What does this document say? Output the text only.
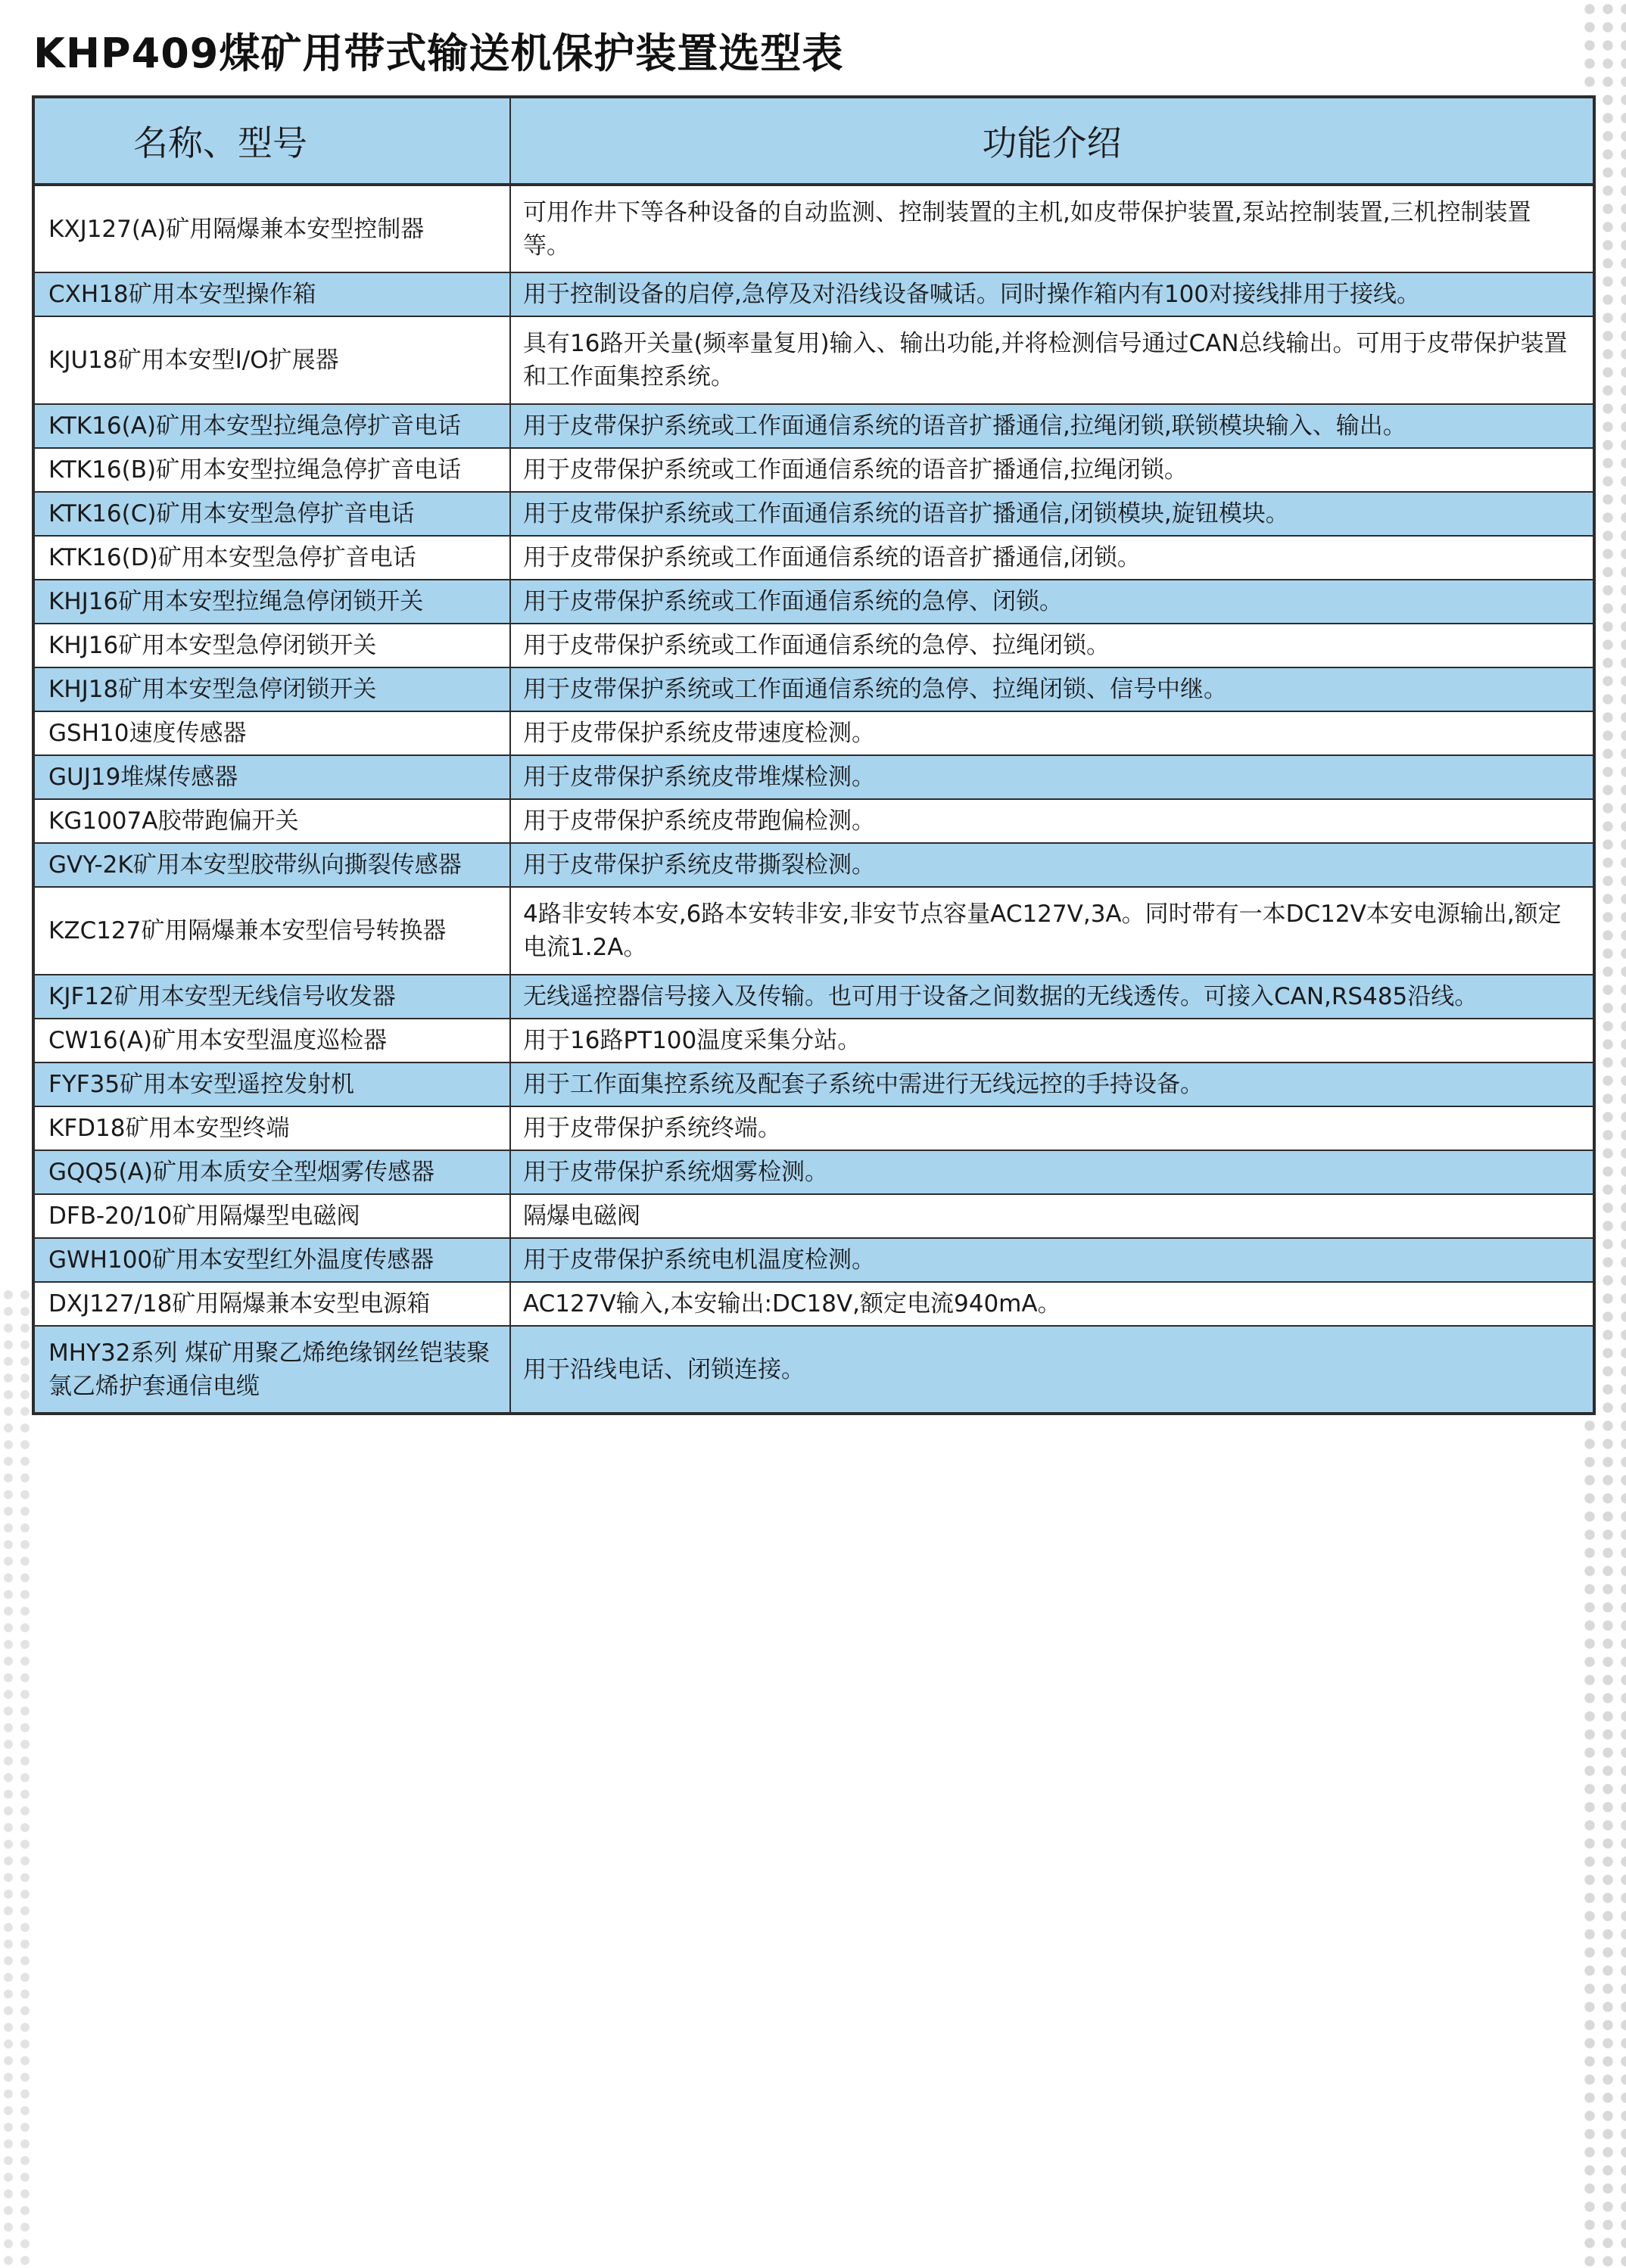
KHP409煤矿用带式输送机保护装置选型表
名称、型号	功能介绍
KXJ127(A)矿用隔爆兼本安型控制器	可用作井下等各种设备的自动监测、控制装置的主机,如皮带保护装置,泵站控制装置,三机控制装置等。
CXH18矿用本安型操作箱	用于控制设备的启停,急停及对沿线设备喊话。同时操作箱内有100对接线排用于接线。
KJU18矿用本安型I/O扩展器	具有16路开关量(频率量复用)输入、输出功能,并将检测信号通过CAN总线输出。可用于皮带保护装置和工作面集控系统。
KTK16(A)矿用本安型拉绳急停扩音电话	用于皮带保护系统或工作面通信系统的语音扩播通信,拉绳闭锁,联锁模块输入、输出。
KTK16(B)矿用本安型拉绳急停扩音电话	用于皮带保护系统或工作面通信系统的语音扩播通信,拉绳闭锁。
KTK16(C)矿用本安型急停扩音电话	用于皮带保护系统或工作面通信系统的语音扩播通信,闭锁模块,旋钮模块。
KTK16(D)矿用本安型急停扩音电话	用于皮带保护系统或工作面通信系统的语音扩播通信,闭锁。
KHJ16矿用本安型拉绳急停闭锁开关	用于皮带保护系统或工作面通信系统的急停、闭锁。
KHJ16矿用本安型急停闭锁开关	用于皮带保护系统或工作面通信系统的急停、拉绳闭锁。
KHJ18矿用本安型急停闭锁开关	用于皮带保护系统或工作面通信系统的急停、拉绳闭锁、信号中继。
GSH10速度传感器	用于皮带保护系统皮带速度检测。
GUJ19堆煤传感器	用于皮带保护系统皮带堆煤检测。
KG1007A胶带跑偏开关	用于皮带保护系统皮带跑偏检测。
GVY-2K矿用本安型胶带纵向撕裂传感器	用于皮带保护系统皮带撕裂检测。
KZC127矿用隔爆兼本安型信号转换器	4路非安转本安,6路本安转非安,非安节点容量AC127V,3A。同时带有一本DC12V本安电源输出,额定电流1.2A。
KJF12矿用本安型无线信号收发器	无线遥控器信号接入及传输。也可用于设备之间数据的无线透传。可接入CAN,RS485沿线。
CW16(A)矿用本安型温度巡检器	用于16路PT100温度采集分站。
FYF35矿用本安型遥控发射机	用于工作面集控系统及配套子系统中需进行无线远控的手持设备。
KFD18矿用本安型终端	用于皮带保护系统终端。
GQQ5(A)矿用本质安全型烟雾传感器	用于皮带保护系统烟雾检测。
DFB-20/10矿用隔爆型电磁阀	隔爆电磁阀
GWH100矿用本安型红外温度传感器	用于皮带保护系统电机温度检测。
DXJ127/18矿用隔爆兼本安型电源箱	AC127V输入,本安输出:DC18V,额定电流940mA。
MHY32系列 煤矿用聚乙烯绝缘钢丝铠装聚氯乙烯护套通信电缆	用于沿线电话、闭锁连接。
